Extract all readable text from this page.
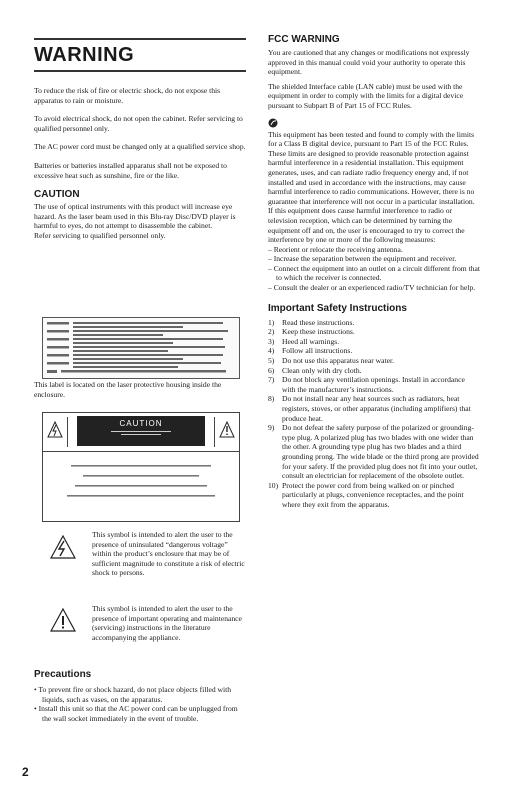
WARNING

To reduce the risk of fire or electric shock, do not expose this apparatus to rain or moisture.

To avoid electrical shock, do not open the cabinet. Refer servicing to qualified personnel only.

The AC power cord must be changed only at a qualified service shop.

Batteries or batteries installed apparatus shall not be exposed to excessive heat such as sunshine, fire or the like.

CAUTION

The use of optical instruments with this product will increase eye hazard. As the laser beam used in this Blu-ray Disc/DVD player is harmful to eyes, do not attempt to disassemble the cabinet.

Refer servicing to qualified personnel only.

This label is located on the laser protective housing inside the enclosure.

CAUTION

This symbol is intended to alert the user to the presence of uninsulated “dangerous voltage” within the product’s enclosure that may be of sufficient magnitude to constitute a risk of electric shock to persons.

This symbol is intended to alert the user to the presence of important operating and maintenance (servicing) instructions in the literature accompanying the appliance.

Precautions
• To prevent fire or shock hazard, do not place objects filled with liquids, such as vases, on the apparatus.
• Install this unit so that the AC power cord can be unplugged from the wall socket immediately in the event of trouble.
2
FCC WARNING

You are cautioned that any changes or modifications not expressly approved in this manual could void your authority to operate this equipment.

The shielded Interface cable (LAN cable) must be used with the equipment in order to comply with the limits for a digital device pursuant to Subpart B of Part 15 of FCC Rules.

This equipment has been tested and found to comply with the limits for a Class B digital device, pursuant to Part 15 of the FCC Rules. These limits are designed to provide reasonable protection against harmful interference in a residential installation. This equipment generates, uses, and can radiate radio frequency energy and, if not installed and used in accordance with the instructions, may cause harmful interference to radio communications. However, there is no guarantee that interference will not occur in a particular installation. If this equipment does cause harmful interference to radio or television reception, which can be determined by turning the equipment off and on, the user is encouraged to try to correct the interference by one or more of the following measures:

– Reorient or relocate the receiving antenna.
– Increase the separation between the equipment and receiver.
– Connect the equipment into an outlet on a circuit different from that to which the receiver is connected.
– Consult the dealer or an experienced radio/TV technician for help.
Important Safety Instructions
1) Read these instructions.
2) Keep these instructions.
3) Heed all warnings.
4) Follow all instructions.
5) Do not use this apparatus near water.
6) Clean only with dry cloth.
7) Do not block any ventilation openings. Install in accordance with the manufacturer’s instructions.
8) Do not install near any heat sources such as radiators, heat registers, stoves, or other apparatus (including amplifiers) that produce heat.
9) Do not defeat the safety purpose of the polarized or grounding-type plug. A polarized plug has two blades with one wider than the other. A grounding type plug has two blades and a third grounding prong. The wide blade or the third prong are provided for your safety. If the provided plug does not fit into your outlet, consult an electrician for replacement of the obsolete outlet.
10) Protect the power cord from being walked on or pinched particularly at plugs, convenience receptacles, and the point where they exit from the apparatus.
